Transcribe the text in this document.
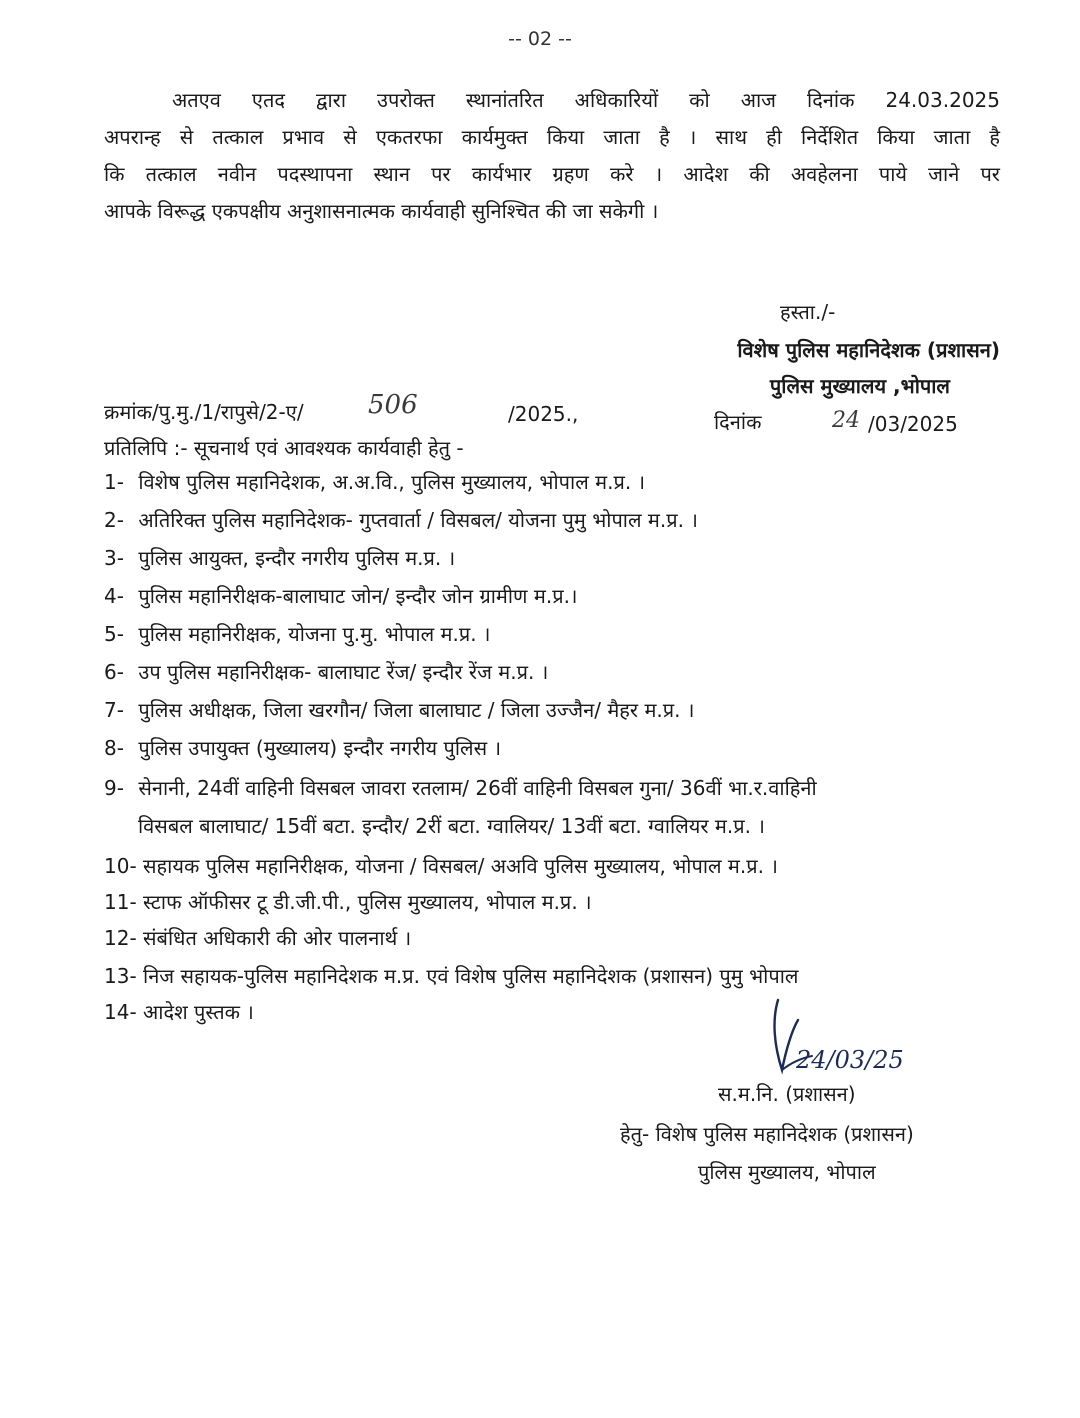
-- 02 --
अतएव एतद द्वारा उपरोक्त स्थानांतरित अधिकारियों को आज दिनांक 24.03.2025
अपरान्ह से तत्काल प्रभाव से एकतरफा कार्यमुक्त किया जाता है । साथ ही निर्देशित किया जाता है
कि तत्काल नवीन पदस्थापना स्थान पर कार्यभार ग्रहण करे । आदेश की अवहेलना पाये जाने पर
आपके विरूद्ध एकपक्षीय अनुशासनात्मक कार्यवाही सुनिश्चित की जा सकेगी ।
हस्ता./-
विशेष पुलिस महानिदेशक (प्रशासन)
पुलिस मुख्यालय ,भोपाल
क्रमांक/पु.मु./1/रापुसे/2-ए/ 506	/2025.,	दिनांक	24 /03/2025
प्रतिलिपि :- सूचनार्थ एवं आवश्यक कार्यवाही हेतु -
1- विशेष पुलिस महानिदेशक, अ.अ.वि., पुलिस मुख्यालय, भोपाल म.प्र. ।
2- अतिरिक्त पुलिस महानिदेशक- गुप्तवार्ता / विसबल/ योजना पुमु भोपाल म.प्र. ।
3- पुलिस आयुक्त, इन्दौर नगरीय पुलिस म.प्र. ।
4- पुलिस महानिरीक्षक-बालाघाट जोन/ इन्दौर जोन ग्रामीण म.प्र.।
5- पुलिस महानिरीक्षक, योजना पु.मु. भोपाल म.प्र. ।
6- उप पुलिस महानिरीक्षक- बालाघाट रेंज/ इन्दौर रेंज म.प्र. ।
7- पुलिस अधीक्षक, जिला खरगौन/ जिला बालाघाट / जिला उज्जैन/ मैहर म.प्र. ।
8- पुलिस उपायुक्त (मुख्यालय) इन्दौर नगरीय पुलिस ।
9- सेनानी, 24वीं वाहिनी विसबल जावरा रतलाम/ 26वीं वाहिनी विसबल गुना/ 36वीं भा.र.वाहिनी
विसबल बालाघाट/ 15वीं बटा. इन्दौर/ 2रीं बटा. ग्वालियर/ 13वीं बटा. ग्वालियर म.प्र. ।
10- सहायक पुलिस महानिरीक्षक, योजना / विसबल/ अअवि पुलिस मुख्यालय, भोपाल म.प्र. ।
11- स्टाफ ऑफीसर टू डी.जी.पी., पुलिस मुख्यालय, भोपाल म.प्र. ।
12- संबंधित अधिकारी की ओर पालनार्थ ।
13- निज सहायक-पुलिस महानिदेशक म.प्र. एवं विशेष पुलिस महानिदेशक (प्रशासन) पुमु भोपाल
14- आदेश पुस्तक ।
24/03/25
स.म.नि. (प्रशासन)
हेतु- विशेष पुलिस महानिदेशक (प्रशासन)
पुलिस मुख्यालय, भोपाल
